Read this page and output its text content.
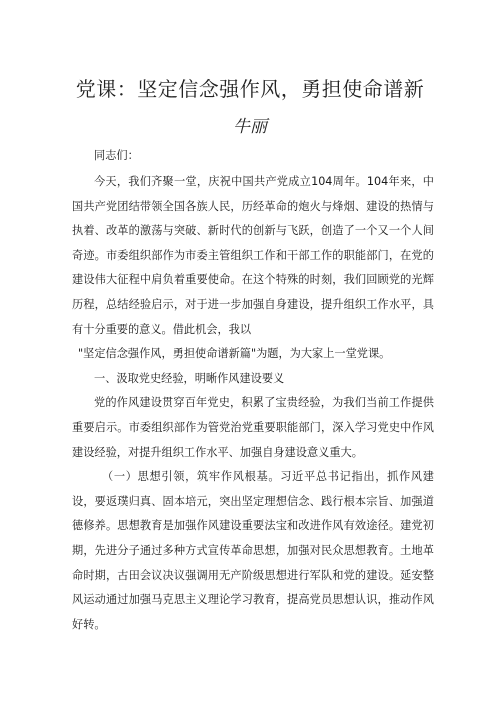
党课：坚定信念强作风，勇担使命谱新
牛丽
同志们：

今天，我们齐聚一堂，庆祝中国共产党成立104周年。104年来，中国共产党团结带领全国各族人民，历经革命的炮火与烽烟、建设的热情与执着、改革的激荡与突破、新时代的创新与飞跃，创造了一个又一个人间奇迹。市委组织部作为市委主管组织工作和干部工作的职能部门，在党的建设伟大征程中肩负着重要使命。在这个特殊的时刻，我们回顾党的光辉历程，总结经验启示，对于进一步加强自身建设，提升组织工作水平，具有十分重要的意义。借此机会，我以

"坚定信念强作风，勇担使命谱新篇"为题，为大家上一堂党课。

一、汲取党史经验，明晰作风建设要义

党的作风建设贯穿百年党史，积累了宝贵经验，为我们当前工作提供重要启示。市委组织部作为管党治党重要职能部门，深入学习党史中作风建设经验，对提升组织工作水平、加强自身建设意义重大。

（一）思想引领，筑牢作风根基。习近平总书记指出，抓作风建设，要返璞归真、固本培元，突出坚定理想信念、践行根本宗旨、加强道德修养。思想教育是加强作风建设重要法宝和改进作风有效途径。建党初期，先进分子通过多种方式宣传革命思想，加强对民众思想教育。土地革命时期，古田会议决议强调用无产阶级思想进行军队和党的建设。延安整风运动通过加强马克思主义理论学习教育，提高党员思想认识，推动作风好转。
